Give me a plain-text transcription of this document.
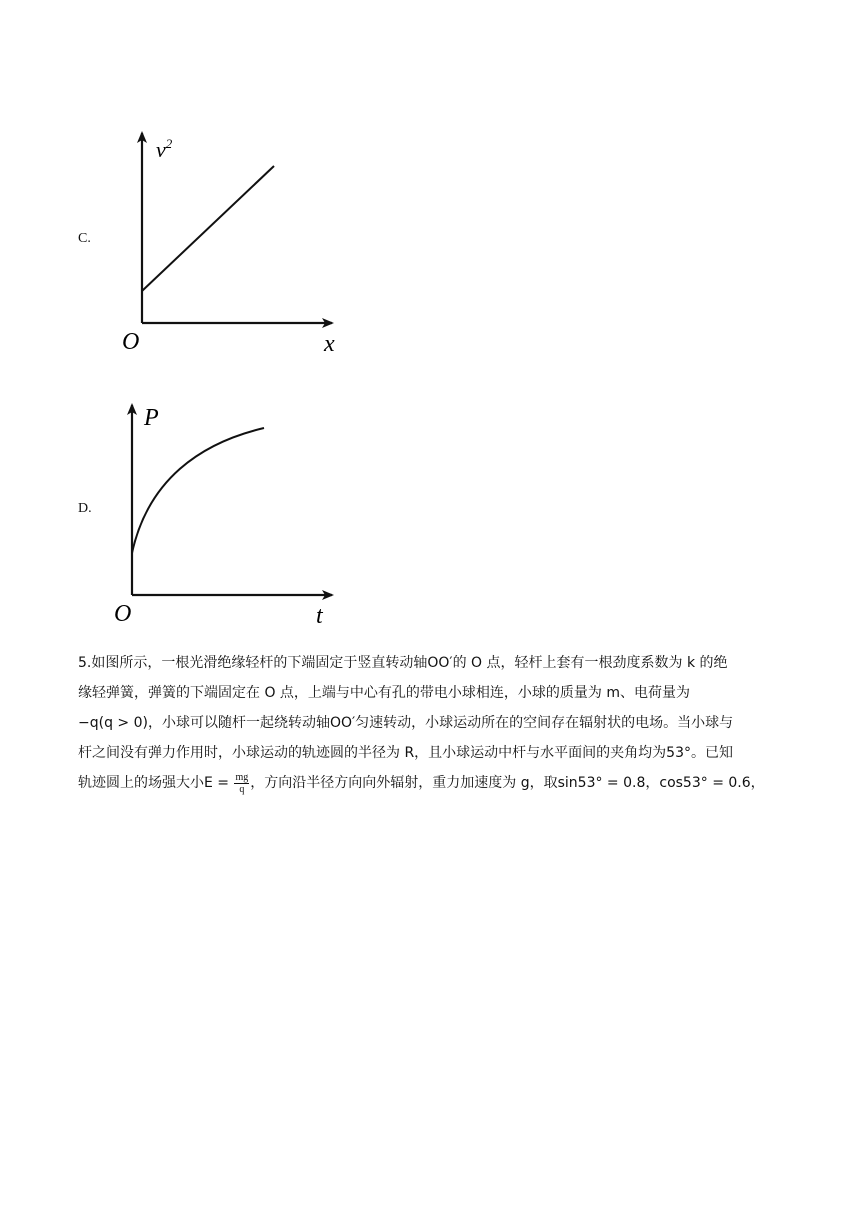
C.
$v^2$
x
O
D.
P
t
O

5.如图所示，一根光滑绝缘轻杆的下端固定于竖直转动轴OO′的 O 点，轻杆上套有一根劲度系数为 k 的绝

缘轻弹簧，弹簧的下端固定在 O 点，上端与中心有孔的带电小球相连，小球的质量为 m、电荷量为

−q(q > 0)，小球可以随杆一起绕转动轴OO′匀速转动，小球运动所在的空间存在辐射状的电场。当小球与

杆之间没有弹力作用时，小球运动的轨迹圆的半径为 R，且小球运动中杆与水平面间的夹角均为53°。已知

轨迹圆上的场强大小$E = \frac{mg}{q}$ ，方向沿半径方向向外辐射，重力加速度为 g，取sin53° = 0.8，cos53° = 0.6，
